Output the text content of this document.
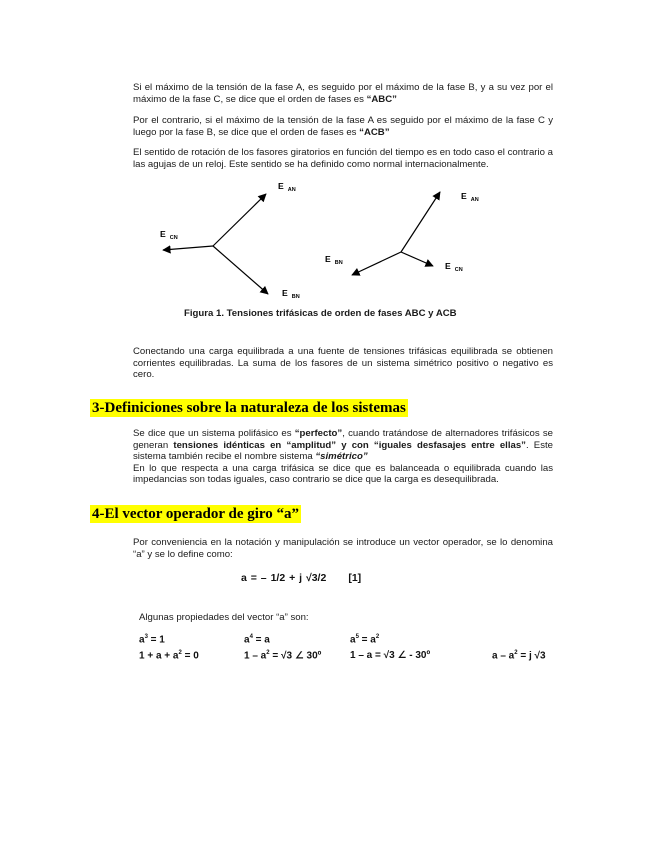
Si el máximo de la tensión de la fase A, es seguido por el máximo de la fase B, y a su vez por el máximo de la fase C, se dice que el orden de fases es “ABC”
Por el contrario, si el máximo de la tensión de la fase A es seguido por el máximo de la fase C y luego por la fase B, se dice que el orden de fases es “ACB”
El sentido de rotación de los fasores giratorios en función del tiempo es en todo caso el contrario a las agujas de un reloj. Este sentido se ha definido como normal internacionalmente.
EAN
ECN
EBN
EAN
EBN	ECN
Figura 1. Tensiones trifásicas de orden de fases ABC y ACB
Conectando una carga equilibrada a una fuente de tensiones trifásicas equilibrada se obtienen corrientes equilibradas. La suma de los fasores de un sistema simétrico positivo o negativo es cero.
3-Definiciones sobre la naturaleza de los sistemas
Se dice que un sistema polifásico es “perfecto”, cuando tratándose de alternadores trifásicos se generan tensiones idénticas en “amplitud” y con “iguales desfasajes entre ellas”. Este sistema también recibe el nombre sistema “simétrico”
En lo que respecta a una carga trifásica se dice que es balanceada o equilibrada cuando las impedancias son todas iguales, caso contrario se dice que la carga es desequilibrada.
4-El vector operador de giro “a”
Por conveniencia en la notación y manipulación se introduce un vector operador, se lo denomina “a” y se lo define como:
a = – 1/2 + j √3/2 [1]
Algunas propiedades del vector “a” son:
$a^3 = 1$	$a^4 = a$	$a^5 = a^2$
$1 + a + a^2 = 0$	$1 - a^2 = √3$ ∠ 30º	1 – a = √3 ∠ - 30º	$a - a^2 = j$ √3
